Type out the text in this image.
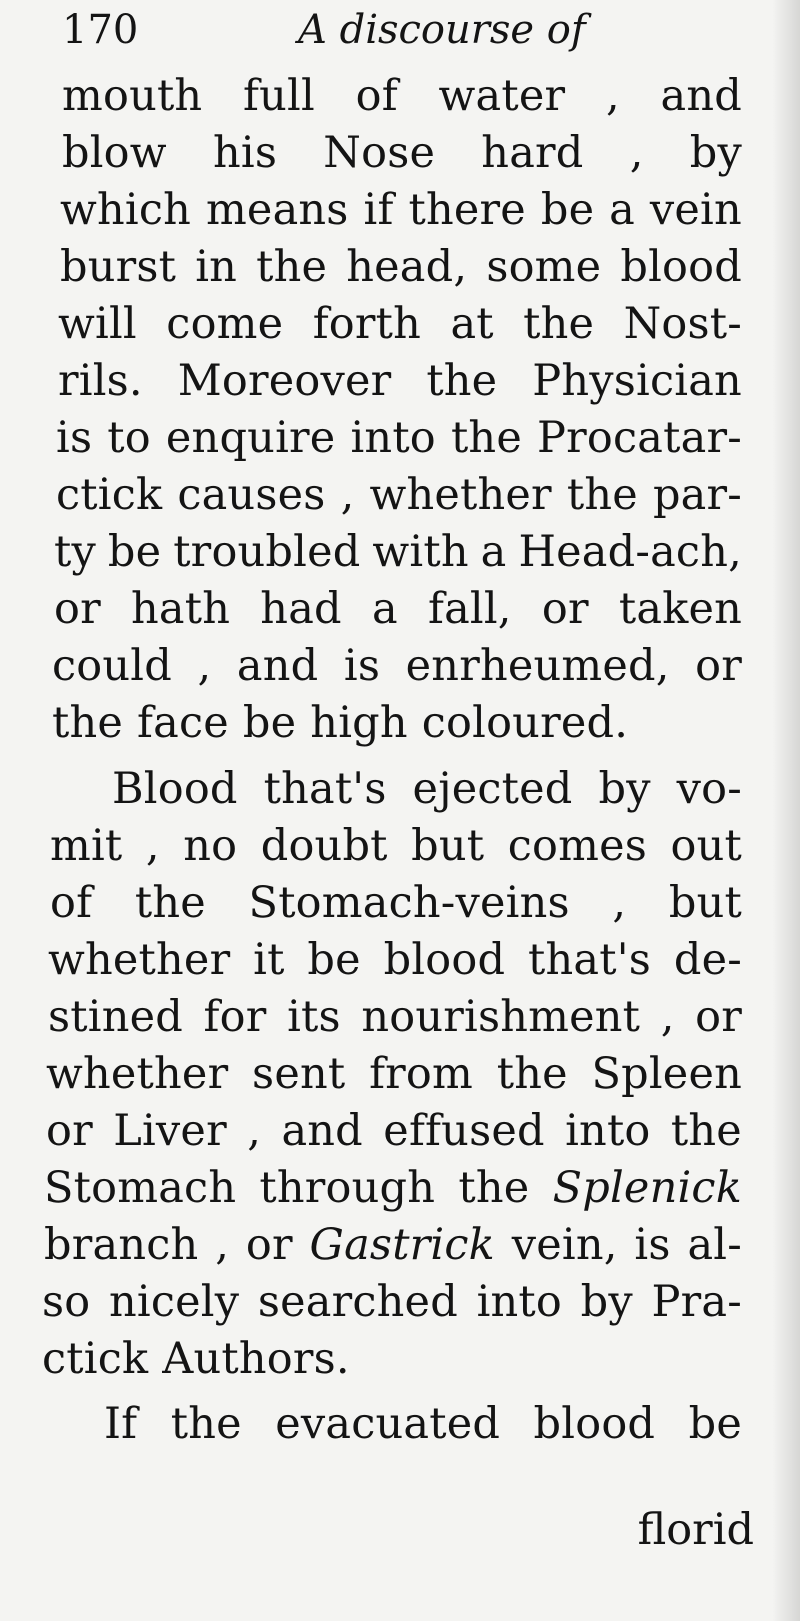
170	A discourse of
mouth full of water , and
blow his Nose hard , by
which means if there be a vein
burst in the head, some blood
will come forth at the Nost-
rils. Moreover the Physician
is to enquire into the Procatar-
ctick causes , whether the par-
ty be troubled with a Head-ach,
or hath had a fall, or taken
could , and is enrheumed, or
the face be high coloured.
Blood that's ejected by vo-
mit , no doubt but comes out
of the Stomach-veins , but
whether it be blood that's de-
stined for its nourishment , or
whether sent from the Spleen
or Liver , and effused into the
Stomach through the Splenick
branch , or Gastrick vein, is al-
so nicely searched into by Pra-
ctick Authors.
If the evacuated blood be
florid
